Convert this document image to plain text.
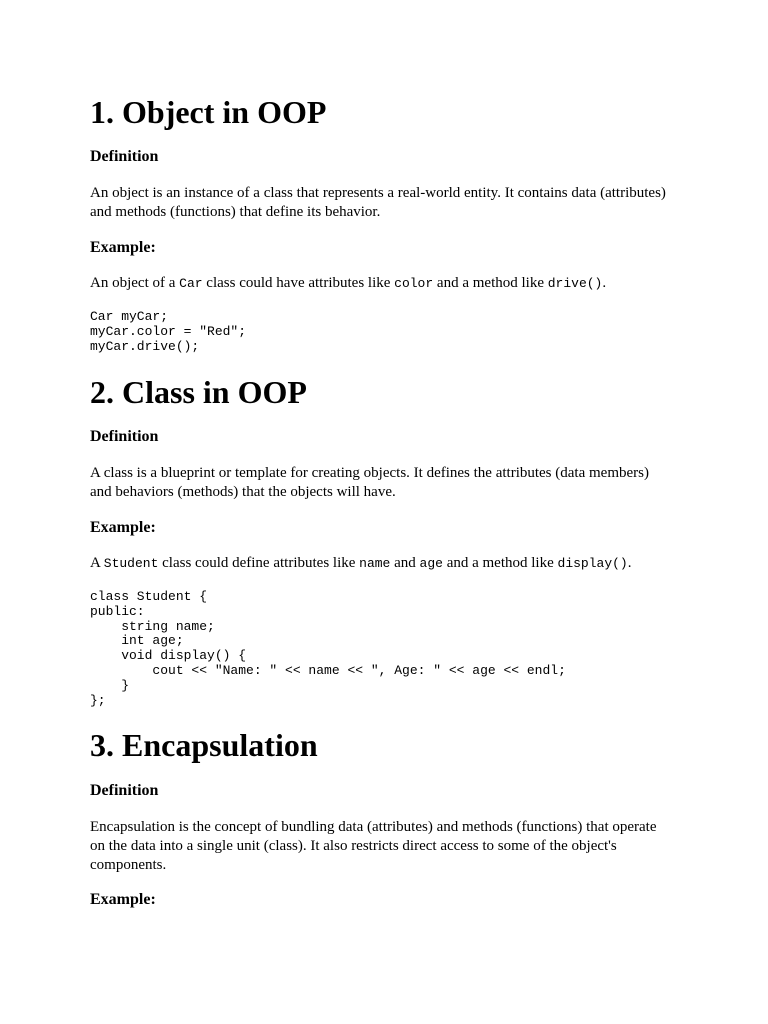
1. Object in OOP
Definition

An object is an instance of a class that represents a real-world entity. It contains data (attributes)
and methods (functions) that define its behavior.

Example:

An object of a Car class could have attributes like color and a method like drive().

Car myCar;
myCar.color = "Red";
myCar.drive();
2. Class in OOP
Definition

A class is a blueprint or template for creating objects. It defines the attributes (data members)
and behaviors (methods) that the objects will have.

Example:

A Student class could define attributes like name and age and a method like display().

class Student {
public:
string name;
int age;
void display() {
cout << "Name: " << name << ", Age: " << age << endl;
}
};
3. Encapsulation
Definition

Encapsulation is the concept of bundling data (attributes) and methods (functions) that operate
on the data into a single unit (class). It also restricts direct access to some of the object's
components.

Example:
